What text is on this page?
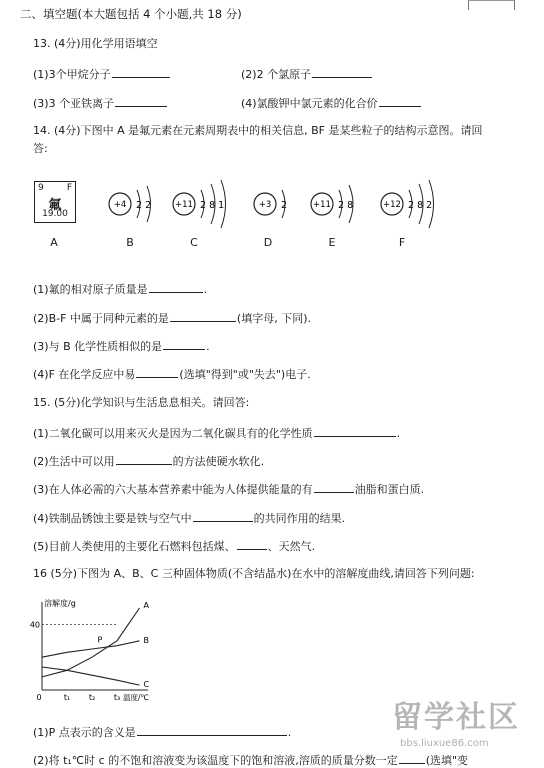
二、填空题(本大题包括 4 个小题,共 18 分)
13. (4分)用化学用语填空
(1)3个甲烷分子	(2)2 个氯原子
(3)3 个亚铁离子	(4)氯酸钾中氯元素的化合价
14. (4分)下图中 A 是氟元素在元素周期表中的相关信息, BF 是某些粒子的结构示意图。请回
答:
9	F
氟
19.00
A
+4 2 2	+11 2 8 1	+3 2	+11 2 8	+12 2 8 2
B	C	D	E	F
(1)氟的相对原子质量是	.
(2)B-F 中属于同种元素的是	(填字母, 下同).
(3)与 B 化学性质相似的是	.
(4)F 在化学反应中易	(选填"得到"或"失去")电子.
15. (5分)化学知识与生活息息相关。请回答:
(1)二氧化碳可以用来灭火是因为二氧化碳具有的化学性质	.
(2)生活中可以用	的方法使硬水软化.
(3)在人体必需的六大基本营养素中能为人体提供能量的有	油脂和蛋白质.
(4)铁制品锈蚀主要是铁与空气中	的共同作用的结果.
(5)目前人类使用的主要化石燃料包括煤、	、天然气.
16 (5分)下图为 A、B、C 三种固体物质(不含结晶水)在水中的溶解度曲线,请回答下列问题:
溶解度/g
温度/℃
40
0	t₁ t₂ t₃
A
B
C
P
(1)P 点表示的含义是	.
(2)将 t₁℃时 c 的不饱和溶液变为该温度下的饱和溶液,溶质的质量分数一定	(选填"变
留学社区
bbs.liuxue86.com
